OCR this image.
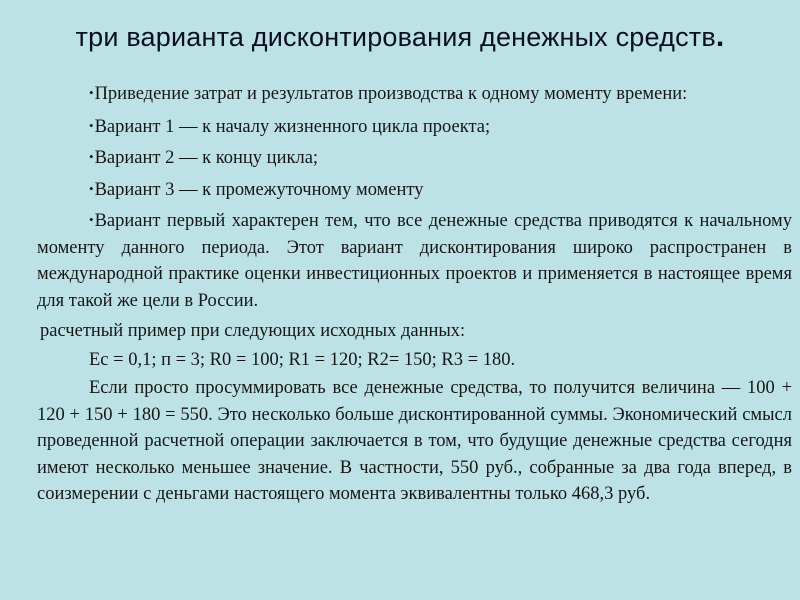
три варианта дисконтирования денежных средств.

• Приведение затрат и результатов производства к одному моменту времени:

• Вариант 1 — к началу жизненного цикла проекта;

• Вариант 2 — к концу цикла;

• Вариант 3 — к промежуточному моменту

• Вариант первый характерен тем, что все денежные средства приводятся к начальному моменту данного периода. Этот вариант дисконтирования широко распространен в международной практике оценки инвестиционных проектов и применяется в настоящее время для такой же цели в России.

расчетный пример при следующих исходных данных:

Ес = 0,1; п = 3; R0 = 100; R1 = 120; R2= 150; R3 = 180.

Если просто просуммировать все денежные средства, то получится величина — 100 + 120 + 150 + 180 = 550. Это несколько больше дисконтированной суммы. Экономический смысл проведенной расчетной операции заключается в том, что будущие денежные средства сегодня имеют несколько меньшее значение. В частности, 550 руб., собранные за два года вперед, в соизмерении с деньгами настоящего момента эквивалентны только 468,3 руб.
